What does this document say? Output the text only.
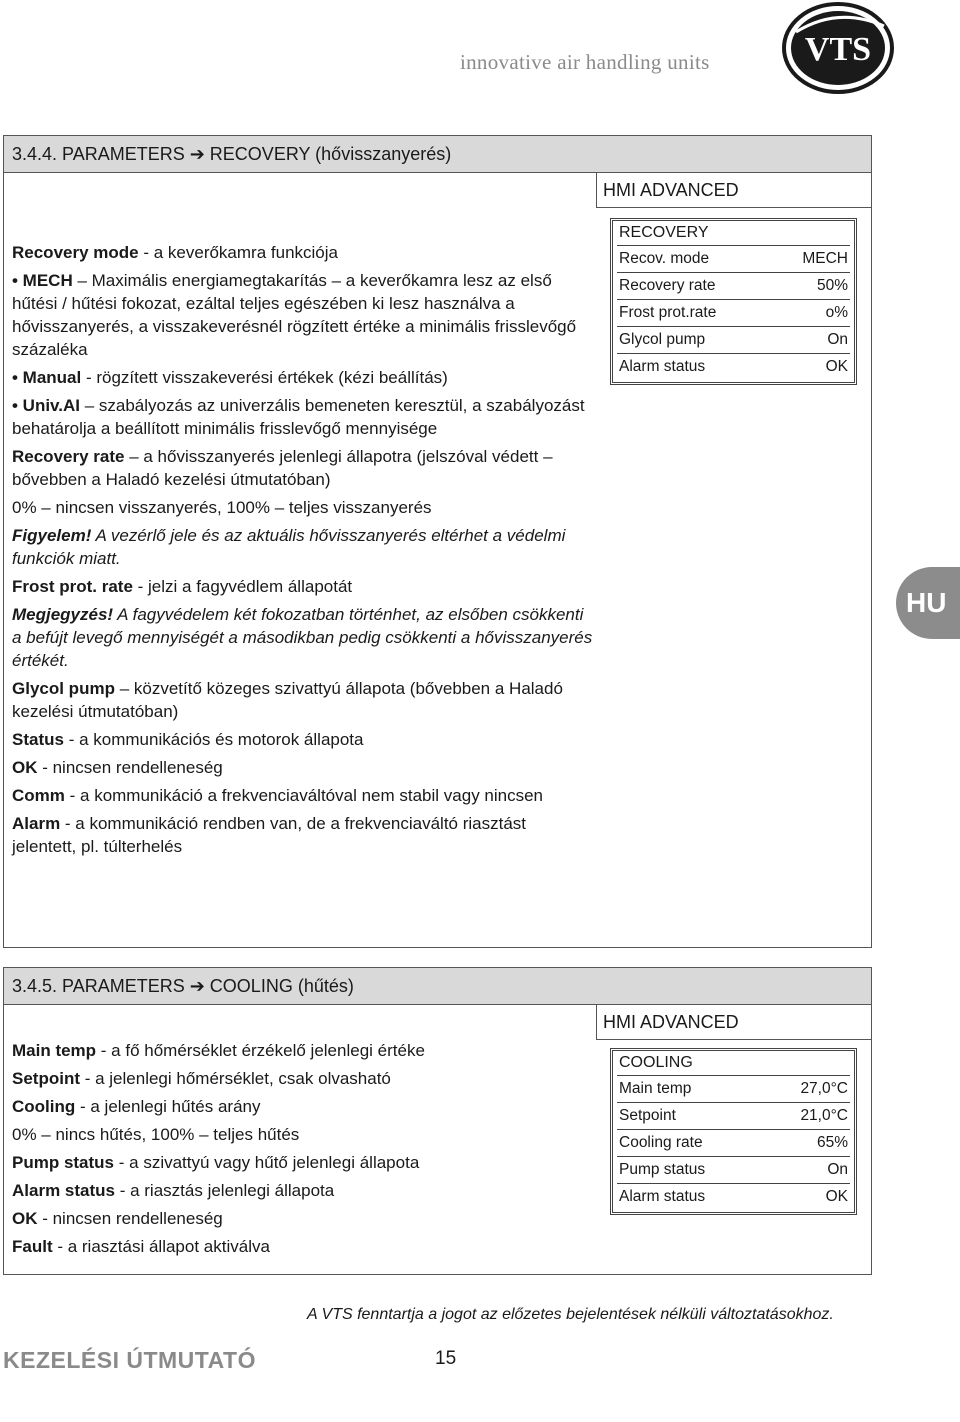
innovative air handling units	VTS
3.4.4. PARAMETERS ➔ RECOVERY (hővisszanyerés)
HMI ADVANCED

Recovery mode - a keverőkamra funkciója

• MECH – Maximális energiamegtakarítás – a keverőkamra lesz az első hűtési / hűtési fokozat, ezáltal teljes egészében ki lesz használva a hővisszanyerés, a visszakeverésnél rögzített értéke a minimális frisslevőgő százaléka

• Manual - rögzített visszakeverési értékek (kézi beállítás)

• Univ.AI – szabályozás az univerzális bemeneten keresztül, a szabályozást behatárolja a beállított minimális frisslevőgő mennyisége

Recovery rate – a hővisszanyerés jelenlegi állapotra (jelszóval védett – bővebben a Haladó kezelési útmutatóban)

0% – nincsen visszanyerés, 100% – teljes visszanyerés

Figyelem! A vezérlő jele és az aktuális hővisszanyerés eltérhet a védelmi funkciók miatt.

Frost prot. rate - jelzi a fagyvédlem állapotát

Megjegyzés! A fagyvédelem két fokozatban történhet, az elsőben csökkenti a befújt levegő mennyiségét a másodikban pedig csökkenti a hővisszanyerés értékét.

Glycol pump – közvetítő közeges szivattyú állapota (bővebben a Haladó kezelési útmutatóban)

Status - a kommunikációs és motorok állapota

OK - nincsen rendelleneség

Comm - a kommunikáció a frekvenciaváltóval nem stabil vagy nincsen

Alarm - a kommunikáció rendben van, de a frekvenciaváltó riasztást jelentett, pl. túlterhelés

RECOVERY
Recov. mode	MECH
Recovery rate	50%
Frost prot.rate	o%
Glycol pump	On
Alarm status	OK
3.4.5. PARAMETERS ➔ COOLING (hűtés)
HMI ADVANCED

Main temp - a fő hőmérséklet érzékelő jelenlegi értéke

Setpoint - a jelenlegi hőmérséklet, csak olvasható

Cooling - a jelenlegi hűtés arány

0% – nincs hűtés, 100% – teljes hűtés

Pump status - a szivattyú vagy hűtő jelenlegi állapota

Alarm status - a riasztás jelenlegi állapota

OK - nincsen rendelleneség

Fault - a riasztási állapot aktiválva

COOLING
Main temp	27,0°C
Setpoint	21,0°C
Cooling rate	65%
Pump status	On
Alarm status	OK
HU
A VTS fenntartja a jogot az előzetes bejelentések nélküli változtatásokhoz.
KEZELÉSI ÚTMUTATÓ	15
